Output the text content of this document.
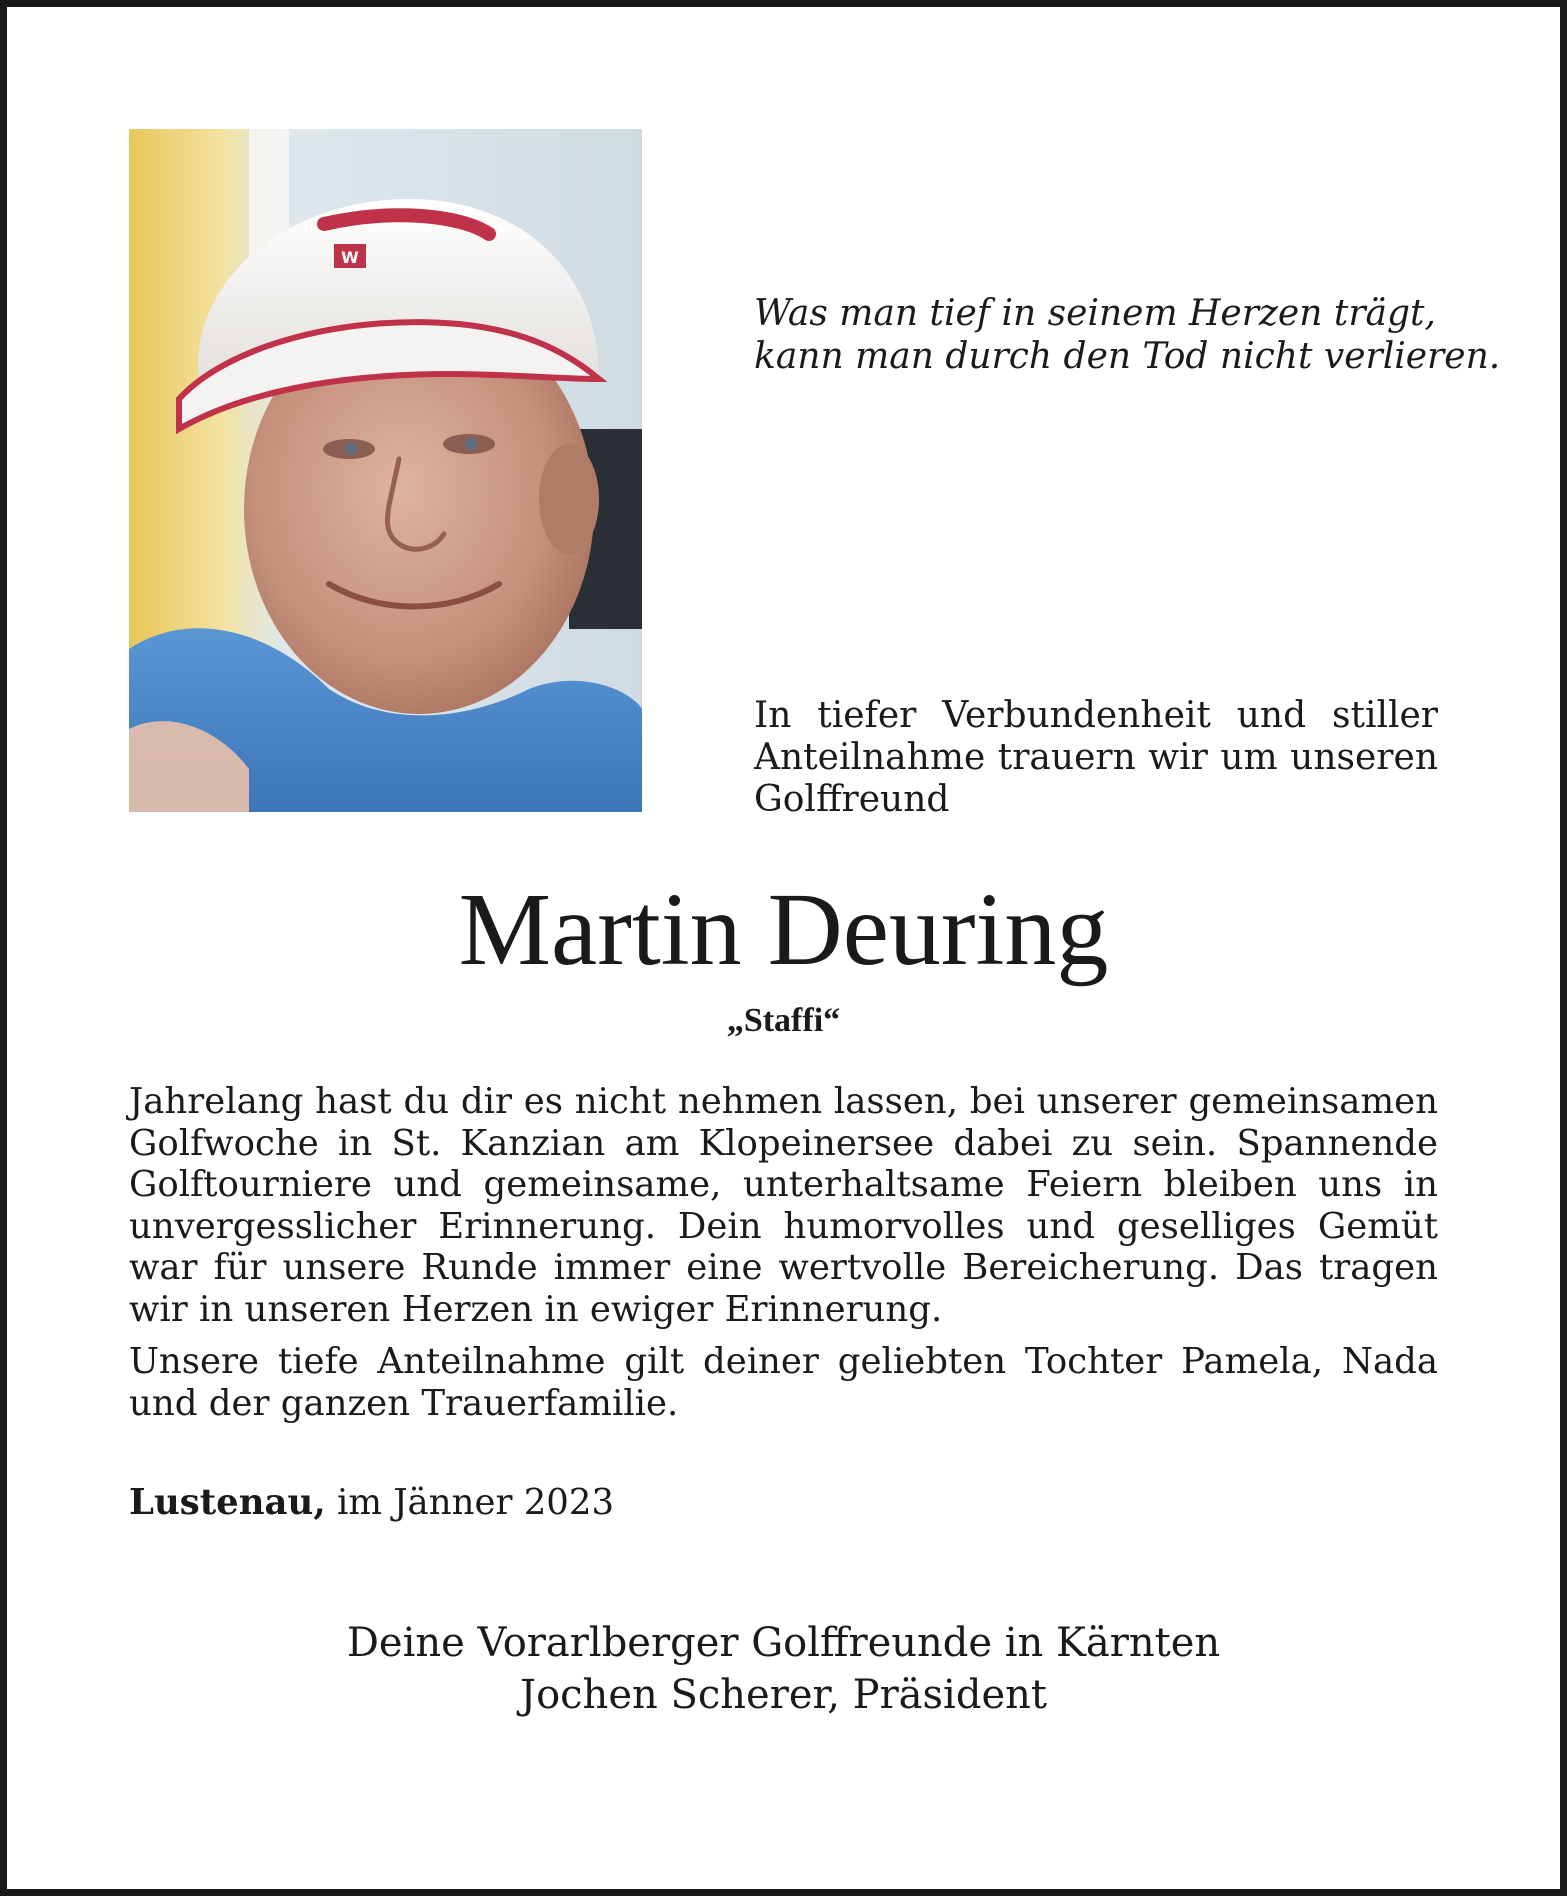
W
Was man tief in seinem Herzen trägt,
kann man durch den Tod nicht verlieren.
In tiefer Verbundenheit und stiller Anteilnahme trauern wir um unseren Golffreund
Martin Deuring
„Staffi“
Jahrelang hast du dir es nicht nehmen lassen, bei unserer gemeinsamen Golfwoche in St. Kanzian am Klopeinersee dabei zu sein. Spannende Golftourniere und gemeinsame, unterhaltsame Feiern bleiben uns in unvergesslicher Erinnerung. Dein humorvolles und geselliges Gemüt war für unsere Runde immer eine wertvolle Bereicherung. Das tragen wir in unseren Herzen in ewiger Erinnerung.
Unsere tiefe Anteilnahme gilt deiner geliebten Tochter Pamela, Nada und der ganzen Trauerfamilie.
Lustenau, im Jänner 2023
Deine Vorarlberger Golffreunde in Kärnten
Jochen Scherer, Präsident
